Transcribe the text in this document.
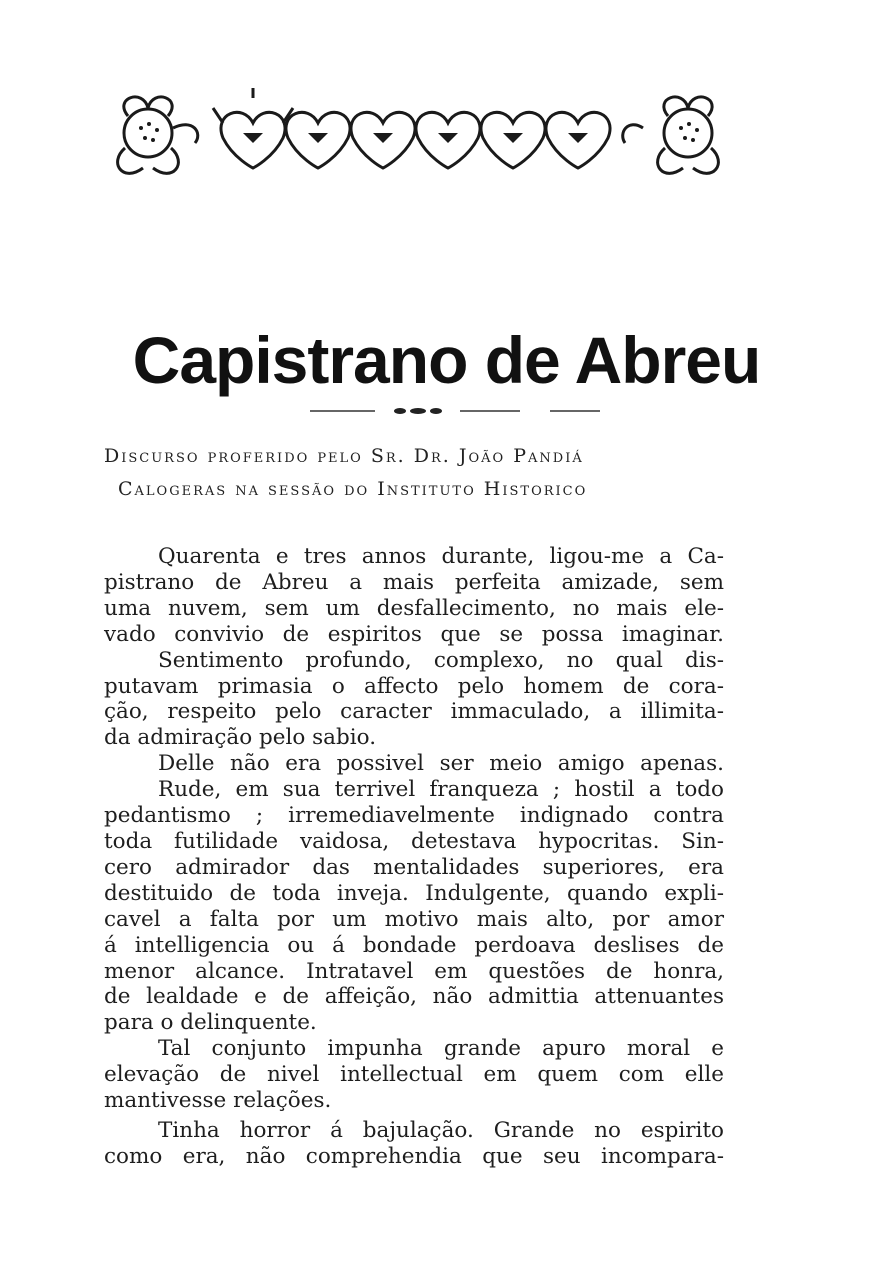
Capistrano de Abreu
Discurso proferido pelo Sr. Dr. João Pandiá
Calogeras na sessão do Instituto Historico
Quarenta e tres annos durante, ligou-me a Ca-
pistrano de Abreu a mais perfeita amizade, sem
uma nuvem, sem um desfallecimento, no mais ele-
vado convivio de espiritos que se possa imaginar.
Sentimento profundo, complexo, no qual dis-
putavam primasia o affecto pelo homem de cora-
ção, respeito pelo caracter immaculado, a illimita-
da admiração pelo sabio.
Delle não era possivel ser meio amigo apenas.
Rude, em sua terrivel franqueza ; hostil a todo
pedantismo ; irremediavelmente indignado contra
toda futilidade vaidosa, detestava hypocritas. Sin-
cero admirador das mentalidades superiores, era
destituido de toda inveja. Indulgente, quando expli-
cavel a falta por um motivo mais alto, por amor
á intelligencia ou á bondade perdoava deslises de
menor alcance. Intratavel em questões de honra,
de lealdade e de affeição, não admittia attenuantes
para o delinquente.
Tal conjunto impunha grande apuro moral e
elevação de nivel intellectual em quem com elle
mantivesse relações.
Tinha horror á bajulação. Grande no espirito
como era, não comprehendia que seu incompara-
